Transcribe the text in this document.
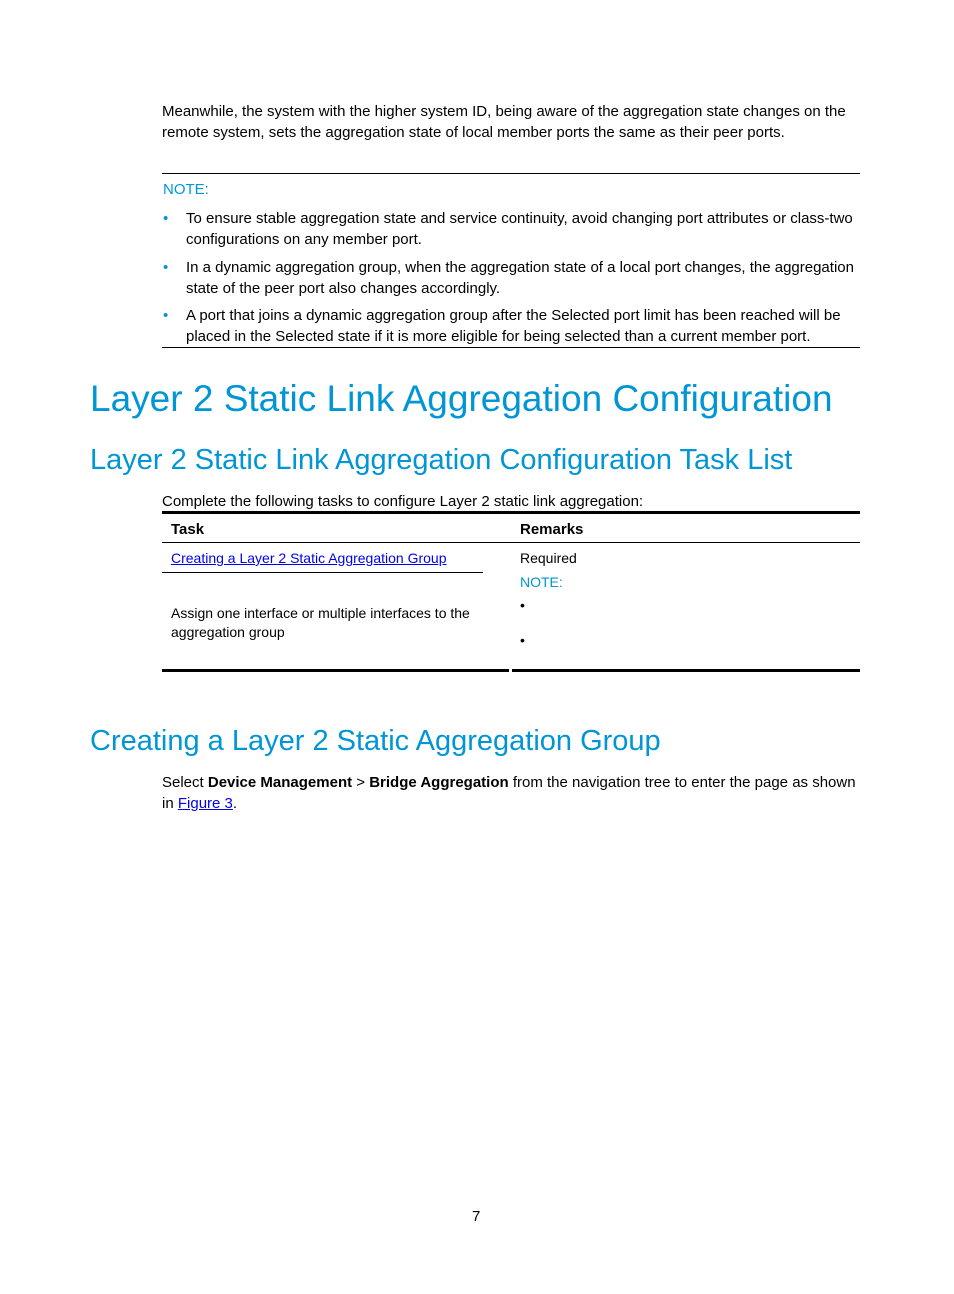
Meanwhile, the system with the higher system ID, being aware of the aggregation state changes on the remote system, sets the aggregation state of local member ports the same as their peer ports.
NOTE:
• To ensure stable aggregation state and service continuity, avoid changing port attributes or class-two configurations on any member port.
• In a dynamic aggregation group, when the aggregation state of a local port changes, the aggregation state of the peer port also changes accordingly.
• A port that joins a dynamic aggregation group after the Selected port limit has been reached will be placed in the Selected state if it is more eligible for being selected than a current member port.
Layer 2 Static Link Aggregation Configuration
Layer 2 Static Link Aggregation Configuration Task List
Complete the following tasks to configure Layer 2 static link aggregation:
Task	Remarks
Creating a Layer 2 Static Aggregation Group	Required
NOTE:
•
•
Assign one interface or multiple interfaces to the aggregation group
Creating a Layer 2 Static Aggregation Group
Select Device Management > Bridge Aggregation from the navigation tree to enter the page as shown in Figure 3.
7
